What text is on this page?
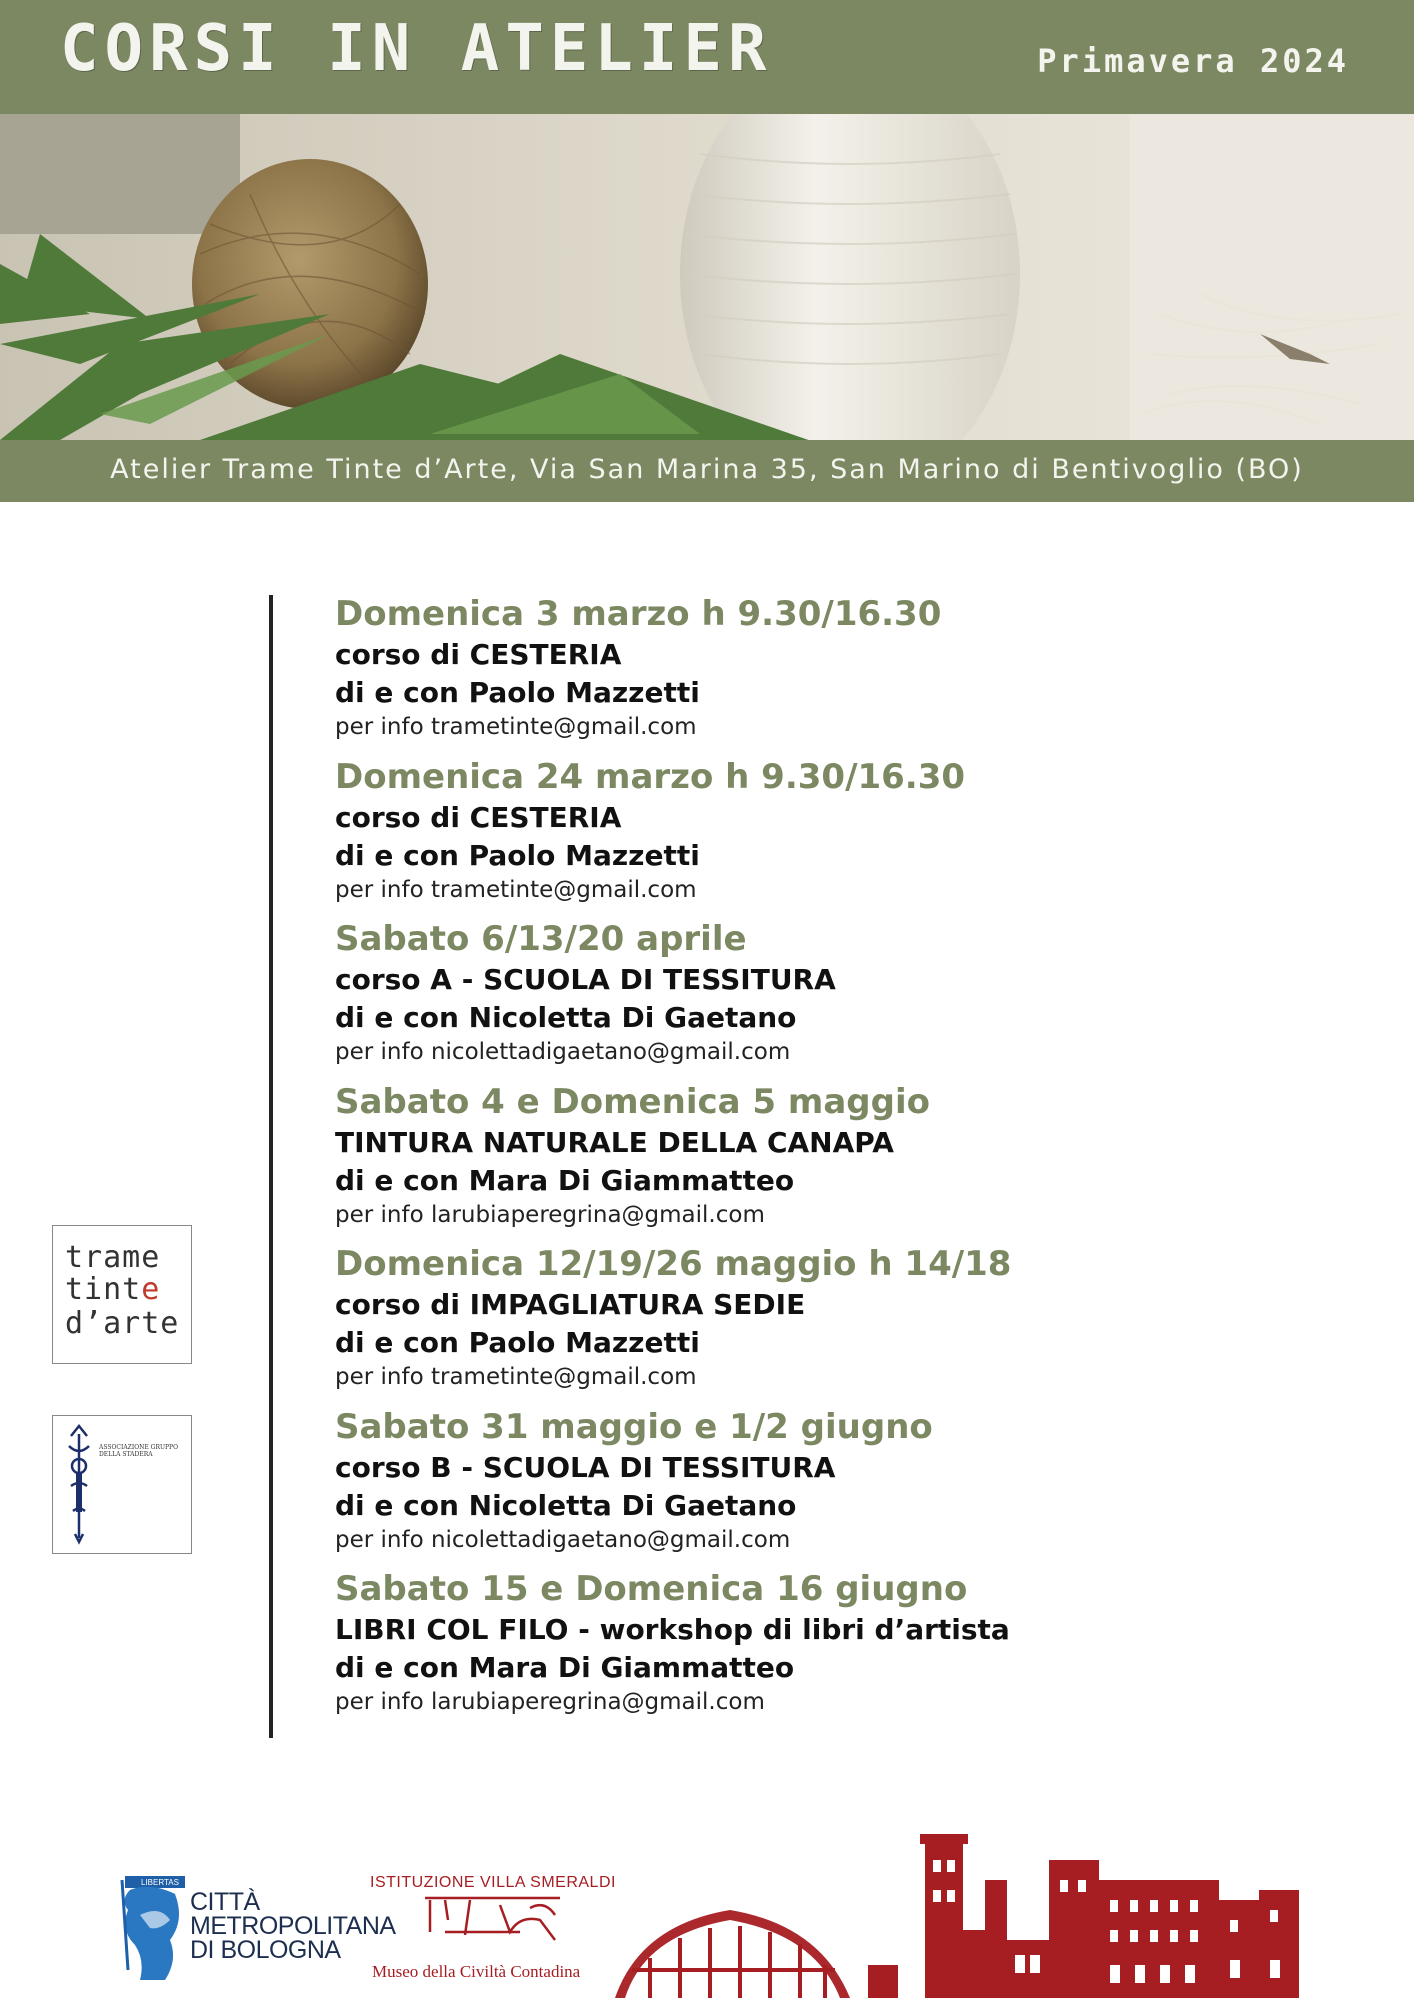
CORSI IN ATELIER	Primavera 2024
Atelier Trame Tinte d’Arte, Via San Marina 35, San Marino di Bentivoglio (BO)
Domenica 3 marzo h 9.30/16.30
corso di CESTERIA
di e con Paolo Mazzetti
per info trametinte@gmail.com
Domenica 24 marzo h 9.30/16.30
corso di CESTERIA
di e con Paolo Mazzetti
per info trametinte@gmail.com
Sabato 6/13/20 aprile
corso A - SCUOLA DI TESSITURA
di e con Nicoletta Di Gaetano
per info nicolettadigaetano@gmail.com
Sabato 4 e Domenica 5 maggio
TINTURA NATURALE DELLA CANAPA
di e con Mara Di Giammatteo
per info larubiaperegrina@gmail.com
Domenica 12/19/26 maggio h 14/18
corso di IMPAGLIATURA SEDIE
di e con Paolo Mazzetti
per info trametinte@gmail.com
Sabato 31 maggio e 1/2 giugno
corso B - SCUOLA DI TESSITURA
di e con Nicoletta Di Gaetano
per info nicolettadigaetano@gmail.com
Sabato 15 e Domenica 16 giugno
LIBRI COL FILO - workshop di libri d’artista
di e con Mara Di Giammatteo
per info larubiaperegrina@gmail.com
trame
tinte
d’arte
ASSOCIAZIONE GRUPPO DELLA STADERA
LIBERTAS
CITTÀ
METROPOLITANA
DI BOLOGNA
ISTITUZIONE VILLA SMERALDI
Museo della Civiltà Contadina
